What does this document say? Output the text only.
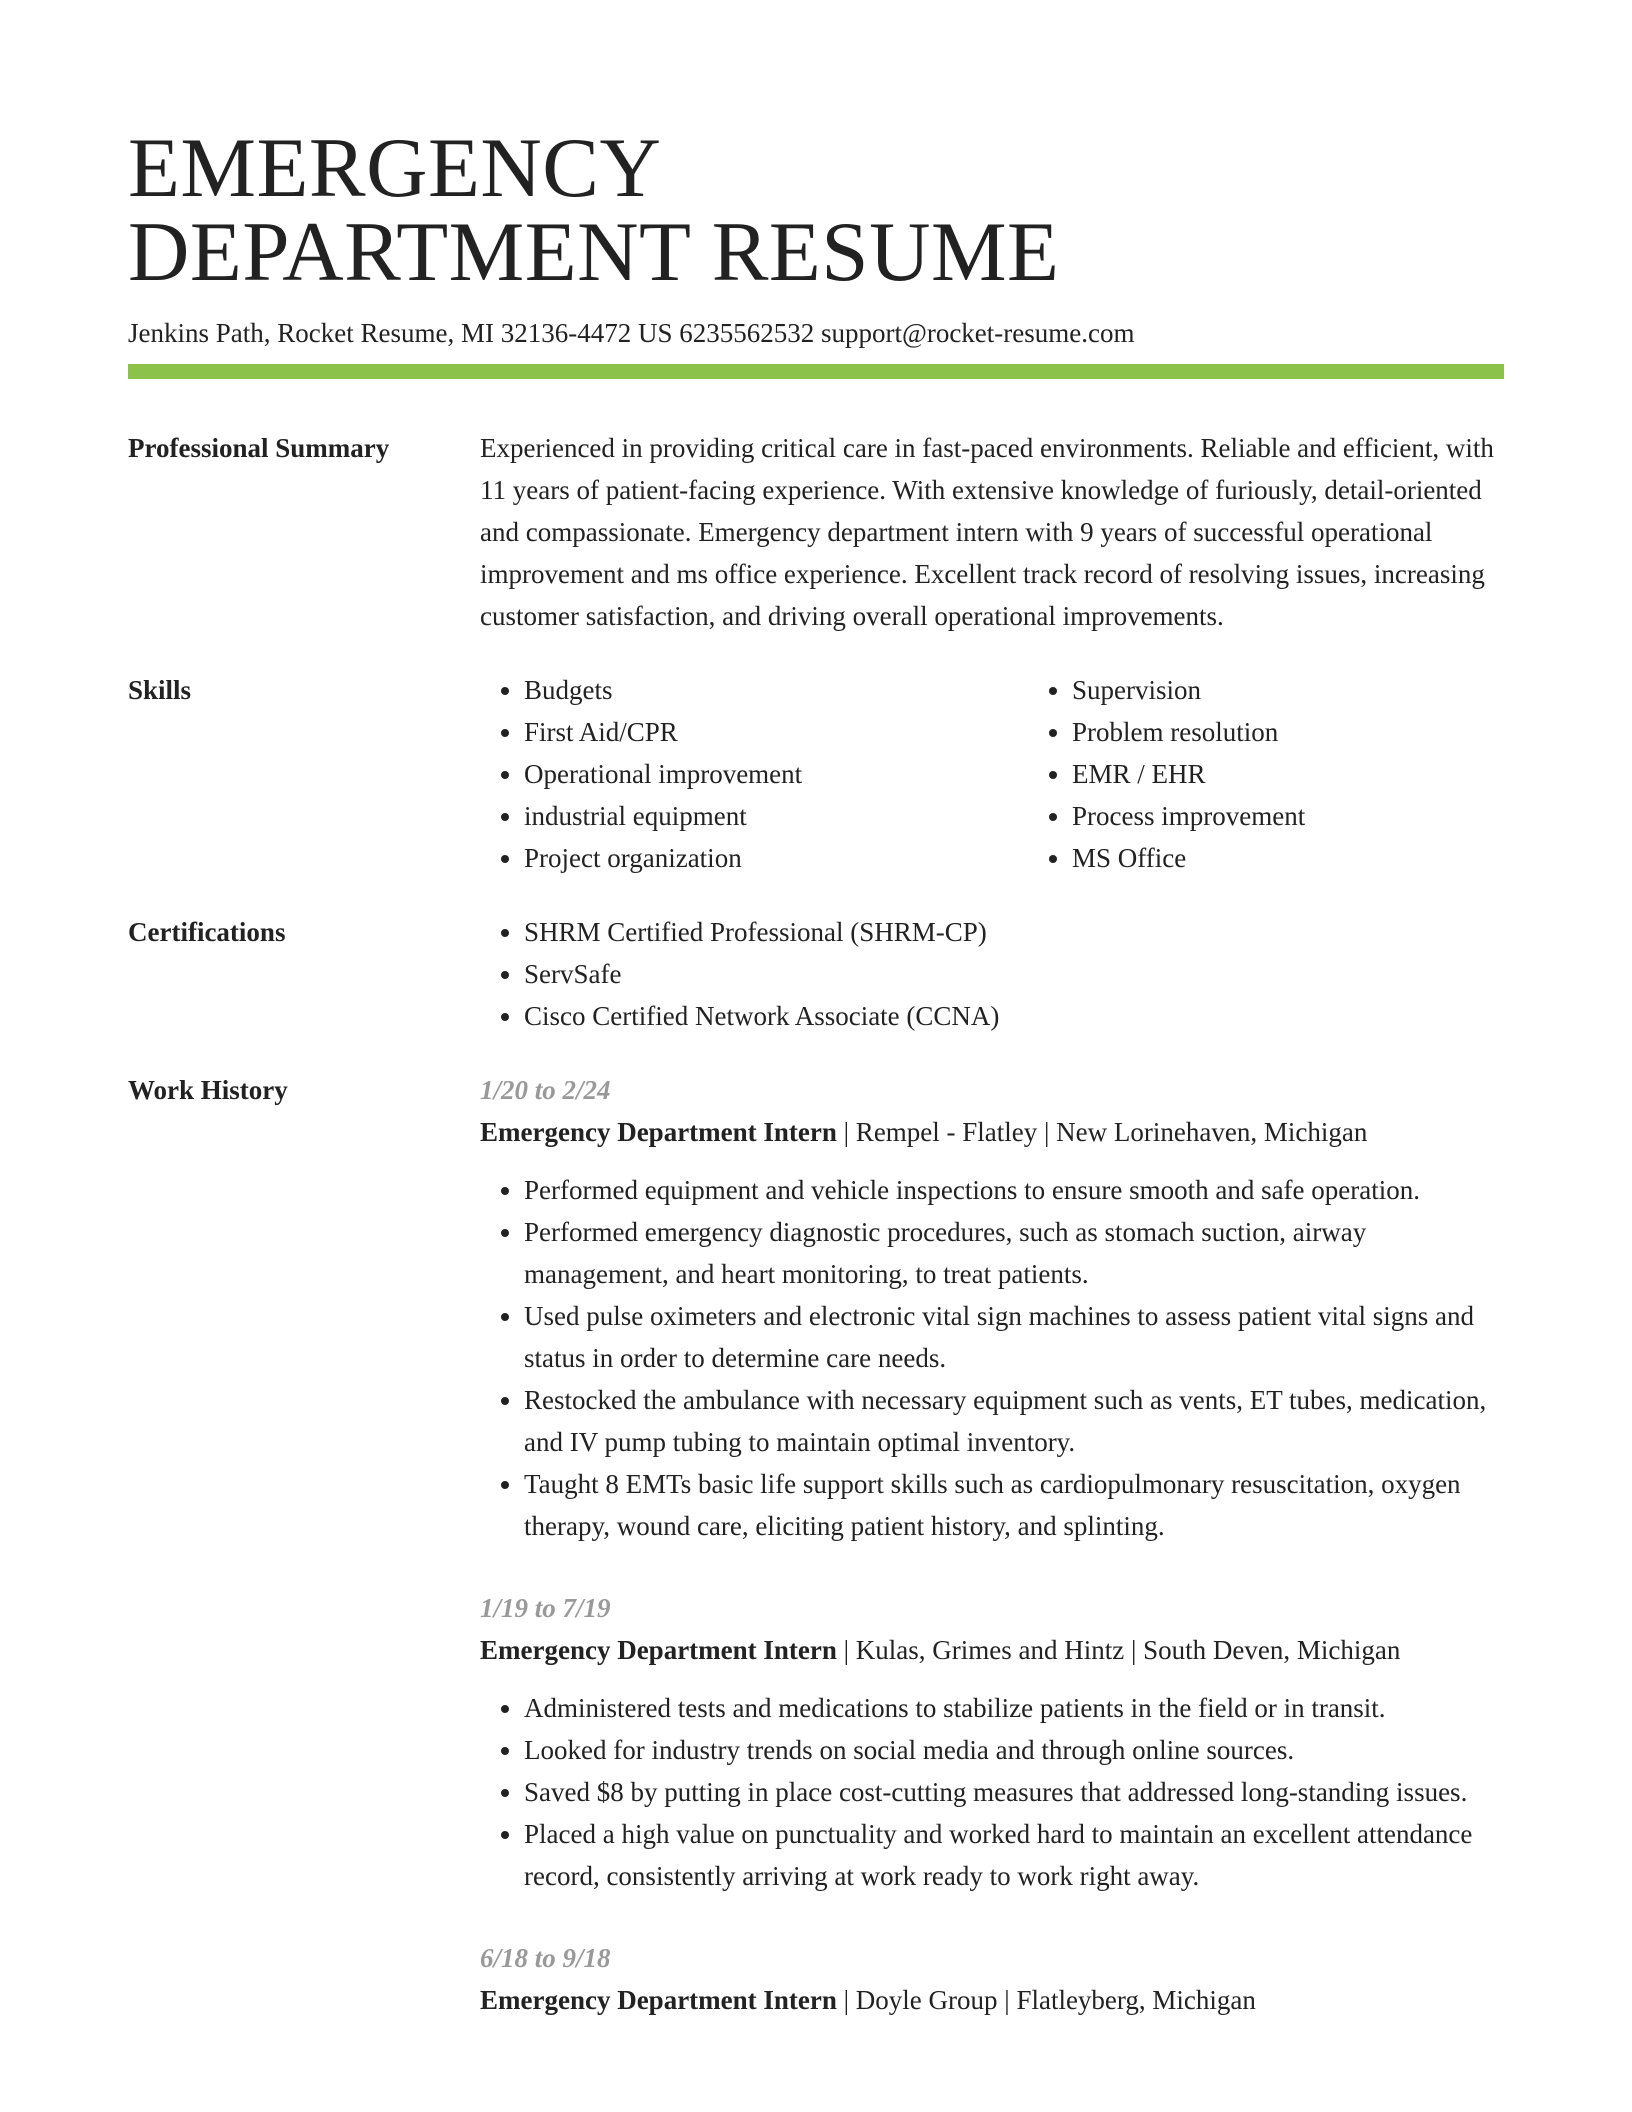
EMERGENCY
DEPARTMENT RESUME
Jenkins Path, Rocket Resume, MI 32136-4472 US 6235562532 support@rocket-resume.com
Professional Summary	Experienced in providing critical care in fast-paced environments. Reliable and efficient, with 11 years of patient-facing experience. With extensive knowledge of furiously, detail-oriented and compassionate. Emergency department intern with 9 years of successful operational improvement and ms office experience. Excellent track record of resolving issues, increasing customer satisfaction, and driving overall operational improvements.

Skills	• Budgets
• First Aid/CPR
• Operational improvement
• industrial equipment
• Project organization
• Supervision
• Problem resolution
• EMR / EHR
• Process improvement
• MS Office
Certifications	• SHRM Certified Professional (SHRM-CP)
• ServSafe
• Cisco Certified Network Associate (CCNA)
Work History	1/20 to 2/24
Emergency Department Intern | Rempel - Flatley | New Lorinehaven, Michigan
• Performed equipment and vehicle inspections to ensure smooth and safe operation.
• Performed emergency diagnostic procedures, such as stomach suction, airway management, and heart monitoring, to treat patients.
• Used pulse oximeters and electronic vital sign machines to assess patient vital signs and status in order to determine care needs.
• Restocked the ambulance with necessary equipment such as vents, ET tubes, medication, and IV pump tubing to maintain optimal inventory.
• Taught 8 EMTs basic life support skills such as cardiopulmonary resuscitation, oxygen therapy, wound care, eliciting patient history, and splinting.
1/19 to 7/19
Emergency Department Intern | Kulas, Grimes and Hintz | South Deven, Michigan
• Administered tests and medications to stabilize patients in the field or in transit.
• Looked for industry trends on social media and through online sources.
• Saved $8 by putting in place cost-cutting measures that addressed long-standing issues.
• Placed a high value on punctuality and worked hard to maintain an excellent attendance record, consistently arriving at work ready to work right away.
6/18 to 9/18
Emergency Department Intern | Doyle Group | Flatleyberg, Michigan
